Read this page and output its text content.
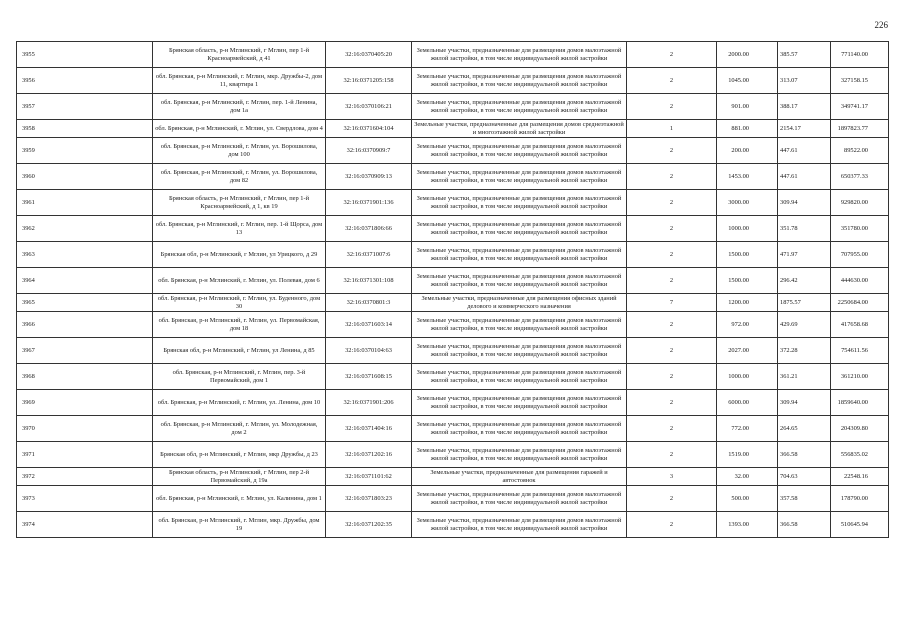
226
3955	Брянская область, р-н Мглинский, г Мглин, пер 1-й Красноармейский, д 41	32:16:0370405:20	Земельные участки, предназначенные для размещения домов малоэтажной жилой застройки, в том числе индивидуальной жилой застройки	2	2000.00	385.57	771140.00
3956	обл. Брянская, р-н Мглинский, г. Мглин, мкр. Дружбы-2, дом 11, квартира 1	32:16:0371205:158	Земельные участки, предназначенные для размещения домов малоэтажной жилой застройки, в том числе индивидуальной жилой застройки	2	1045.00	313.07	327158.15
3957	обл. Брянская, р-н Мглинский, г. Мглин, пер. 1-й Ленина, дом 1а	32:16:0370106:21	Земельные участки, предназначенные для размещения домов малоэтажной жилой застройки, в том числе индивидуальной жилой застройки	2	901.00	388.17	349741.17
3958	обл. Брянская, р-н Мглинский, г. Мглин, ул. Свердлова, дом 4	32:16:0371604:104	Земельные участки, предназначенные для размещения домов среднеэтажной и многоэтажной жилой застройки	1	881.00	2154.17	1897823.77
3959	обл. Брянская, р-н Мглинский, г. Мглин, ул. Ворошилова, дом 100	32:16:0370909:7	Земельные участки, предназначенные для размещения домов малоэтажной жилой застройки, в том числе индивидуальной жилой застройки	2	200.00	447.61	89522.00
3960	обл. Брянская, р-н Мглинский, г. Мглин, ул. Ворошилова, дом 82	32:16:0370909:13	Земельные участки, предназначенные для размещения домов малоэтажной жилой застройки, в том числе индивидуальной жилой застройки	2	1453.00	447.61	650377.33
3961	Брянская область, р-н Мглинский, г Мглин, пер 1-й Красноармейский, д 1, кв 19	32:16:0371901:136	Земельные участки, предназначенные для размещения домов малоэтажной жилой застройки, в том числе индивидуальной жилой застройки	2	3000.00	309.94	929820.00
3962	обл. Брянская, р-н Мглинский, г. Мглин, пер. 1-й Щорса, дом 13	32:16:0371806:66	Земельные участки, предназначенные для размещения домов малоэтажной жилой застройки, в том числе индивидуальной жилой застройки	2	1000.00	351.78	351780.00
3963	Брянская обл, р-н Мглинский, г Мглин, ул Урицкого, д 29	32:16:0371007:6	Земельные участки, предназначенные для размещения домов малоэтажной жилой застройки, в том числе индивидуальной жилой застройки	2	1500.00	471.97	707955.00
3964	обл. Брянская, р-н Мглинский, г. Мглин, ул. Полевая, дом 6	32:16:0371301:108	Земельные участки, предназначенные для размещения домов малоэтажной жилой застройки, в том числе индивидуальной жилой застройки	2	1500.00	296.42	444630.00
3965	обл. Брянская, р-н Мглинский, г. Мглин, ул. Буденного, дом 30	32:16:0370801:3	Земельные участки, предназначенные для размещения офисных зданий делового и коммерческого назначения	7	1200.00	1875.57	2250684.00
3966	обл. Брянская, р-н Мглинский, г. Мглин, ул. Первомайская, дом 18	32:16:0371603:14	Земельные участки, предназначенные для размещения домов малоэтажной жилой застройки, в том числе индивидуальной жилой застройки	2	972.00	429.69	417658.68
3967	Брянская обл, р-н Мглинский, г Мглин, ул Ленина, д 85	32:16:0370104:63	Земельные участки, предназначенные для размещения домов малоэтажной жилой застройки, в том числе индивидуальной жилой застройки	2	2027.00	372.28	754611.56
3968	обл. Брянская, р-н Мглинский, г. Мглин, пер. 3-й Первомайский, дом 1	32:16:0371608:15	Земельные участки, предназначенные для размещения домов малоэтажной жилой застройки, в том числе индивидуальной жилой застройки	2	1000.00	361.21	361210.00
3969	обл. Брянская, р-н Мглинский, г. Мглин, ул. Ленина, дом 10	32:16:0371901:206	Земельные участки, предназначенные для размещения домов малоэтажной жилой застройки, в том числе индивидуальной жилой застройки	2	6000.00	309.94	1859640.00
3970	обл. Брянская, р-н Мглинский, г. Мглин, ул. Молодежная, дом 2	32:16:0371404:16	Земельные участки, предназначенные для размещения домов малоэтажной жилой застройки, в том числе индивидуальной жилой застройки	2	772.00	264.65	204309.80
3971	Брянская обл, р-н Мглинский, г Мглин, мкр Дружбы, д 23	32:16:0371202:16	Земельные участки, предназначенные для размещения домов малоэтажной жилой застройки, в том числе индивидуальной жилой застройки	2	1519.00	366.58	556835.02
3972	Брянская область, р-н Мглинский, г Мглин, пер 2-й Первомайский, д 19а	32:16:0371101:62	Земельные участки, предназначенные для размещения гаражей и автостоянок	3	32.00	704.63	22548.16
3973	обл. Брянская, р-н Мглинский, г. Мглин, ул. Калинина, дом 1	32:16:0371803:23	Земельные участки, предназначенные для размещения домов малоэтажной жилой застройки, в том числе индивидуальной жилой застройки	2	500.00	357.58	178790.00
3974	обл. Брянская, р-н Мглинский, г. Мглин, мкр. Дружбы, дом 19	32:16:0371202:35	Земельные участки, предназначенные для размещения домов малоэтажной жилой застройки, в том числе индивидуальной жилой застройки	2	1393.00	366.58	510645.94
